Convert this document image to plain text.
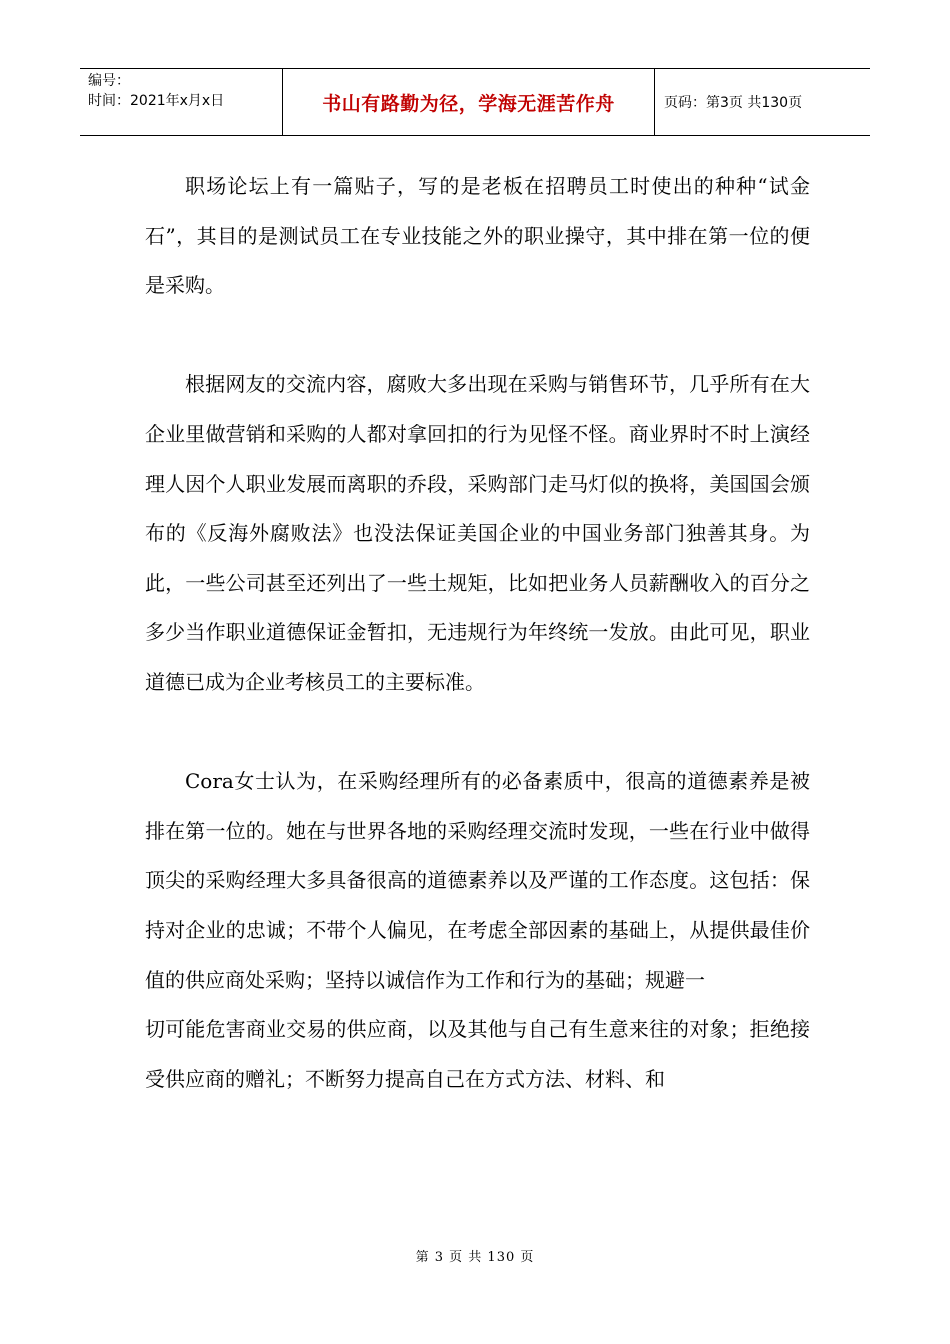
编号：
时间：2021年x月x日	书山有路勤为径，学海无涯苦作舟	页码：第3页 共130页

职场论坛上有一篇贴子，写的是老板在招聘员工时使出的种种“试金石”，其目的是测试员工在专业技能之外的职业操守，其中排在第一位的便是采购。

根据网友的交流内容，腐败大多出现在采购与销售环节，几乎所有在大企业里做营销和采购的人都对拿回扣的行为见怪不怪。商业界时不时上演经理人因个人职业发展而离职的乔段，采购部门走马灯似的换将，美国国会颁布的《反海外腐败法》也没法保证美国企业的中国业务部门独善其身。为此，一些公司甚至还列出了一些土规矩，比如把业务人员薪酬收入的百分之多少当作职业道德保证金暂扣，无违规行为年终统一发放。由此可见，职业道德已成为企业考核员工的主要标准。

Cora女士认为，在采购经理所有的必备素质中，很高的道德素养是被排在第一位的。她在与世界各地的采购经理交流时发现，一些在行业中做得顶尖的采购经理大多具备很高的道德素养以及严谨的工作态度。这包括：保持对企业的忠诚；不带个人偏见，在考虑全部因素的基础上，从提供最佳价值的供应商处采购；坚持以诚信作为工作和行为的基础；规避一

切可能危害商业交易的供应商，以及其他与自己有生意来往的对象；拒绝接受供应商的赠礼；不断努力提高自己在方式方法、材料、和

第 3 页 共 130 页
